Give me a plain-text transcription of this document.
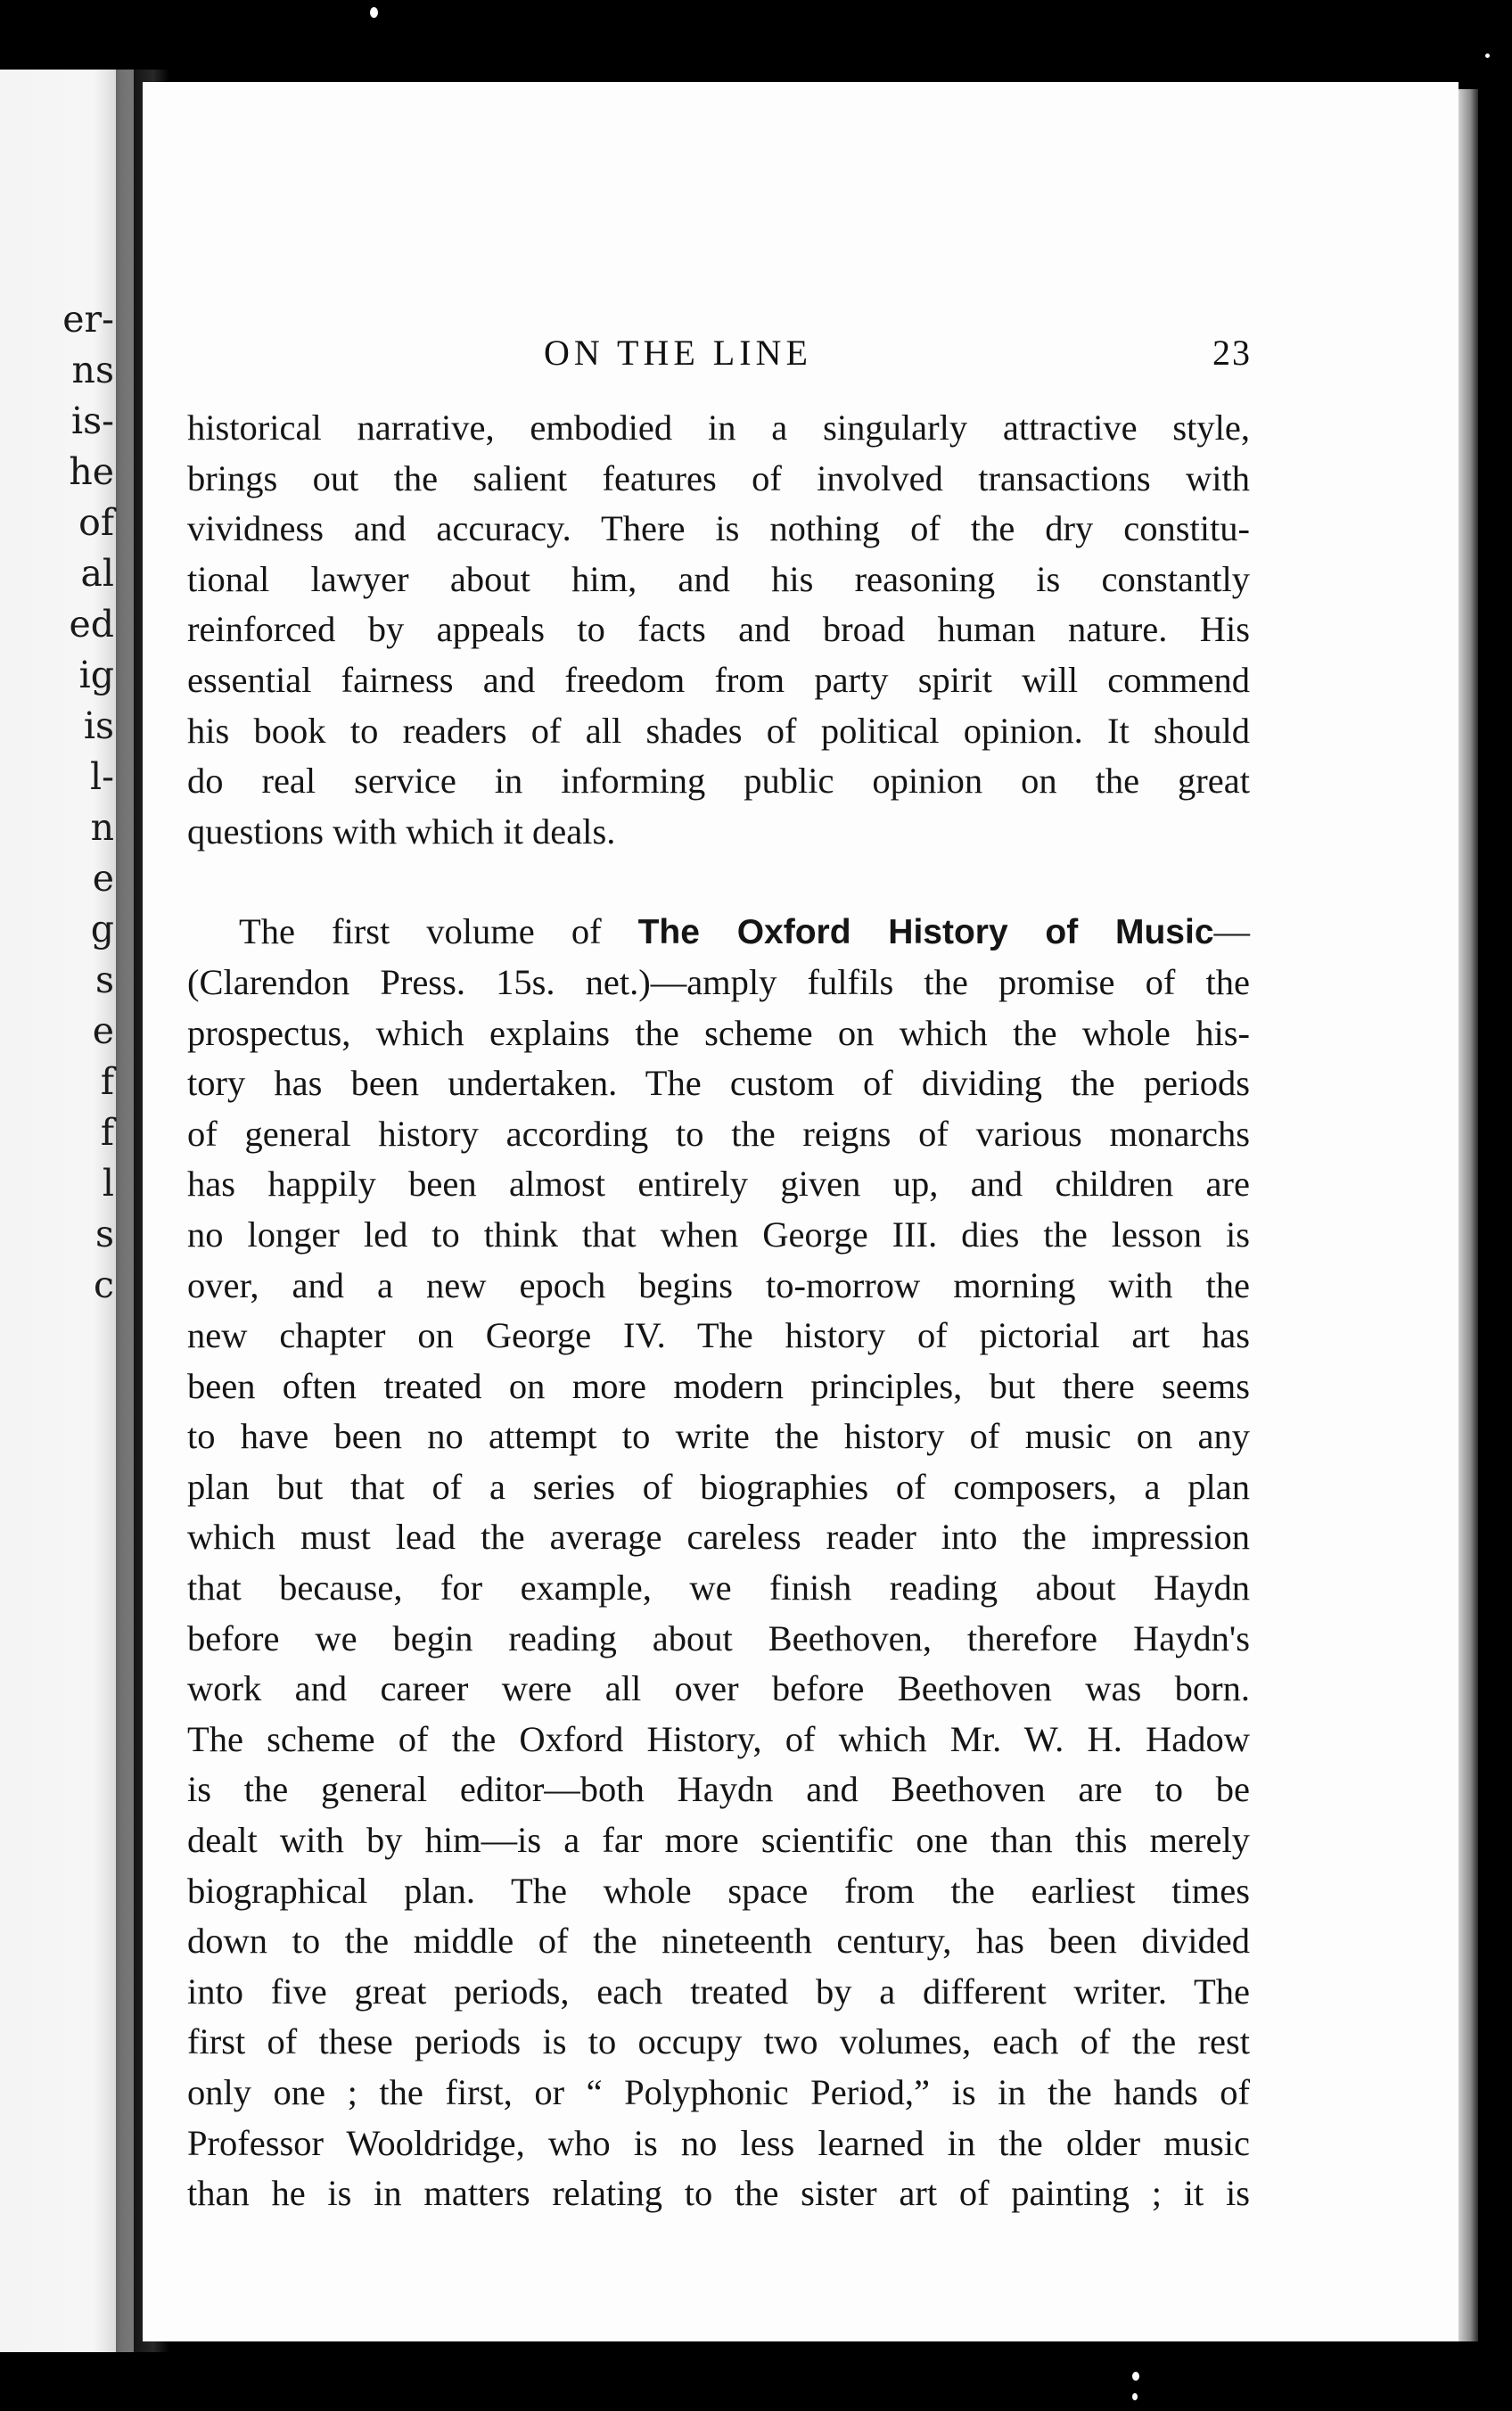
er-
ns
is-
he
of
al
ed
ig
is
l-
n
e
g
s
e
f
f
l
s
c
ON THE LINE	23
historical narrative, embodied in a singularly attractive style,
brings out the salient features of involved transactions with
vividness and accuracy. There is nothing of the dry constitu-
tional lawyer about him, and his reasoning is constantly
reinforced by appeals to facts and broad human nature. His
essential fairness and freedom from party spirit will commend
his book to readers of all shades of political opinion. It should
do real service in informing public opinion on the great
questions with which it deals.
The first volume of The Oxford History of Music—
(Clarendon Press. 15s. net.)—amply fulfils the promise of the
prospectus, which explains the scheme on which the whole his-
tory has been undertaken. The custom of dividing the periods
of general history according to the reigns of various monarchs
has happily been almost entirely given up, and children are
no longer led to think that when George III. dies the lesson is
over, and a new epoch begins to-morrow morning with the
new chapter on George IV. The history of pictorial art has
been often treated on more modern principles, but there seems
to have been no attempt to write the history of music on any
plan but that of a series of biographies of composers, a plan
which must lead the average careless reader into the impression
that because, for example, we finish reading about Haydn
before we begin reading about Beethoven, therefore Haydn's
work and career were all over before Beethoven was born.
The scheme of the Oxford History, of which Mr. W. H. Hadow
is the general editor—both Haydn and Beethoven are to be
dealt with by him—is a far more scientific one than this merely
biographical plan. The whole space from the earliest times
down to the middle of the nineteenth century, has been divided
into five great periods, each treated by a different writer. The
first of these periods is to occupy two volumes, each of the rest
only one ; the first, or “ Polyphonic Period,” is in the hands of
Professor Wooldridge, who is no less learned in the older music
than he is in matters relating to the sister art of painting ; it is
